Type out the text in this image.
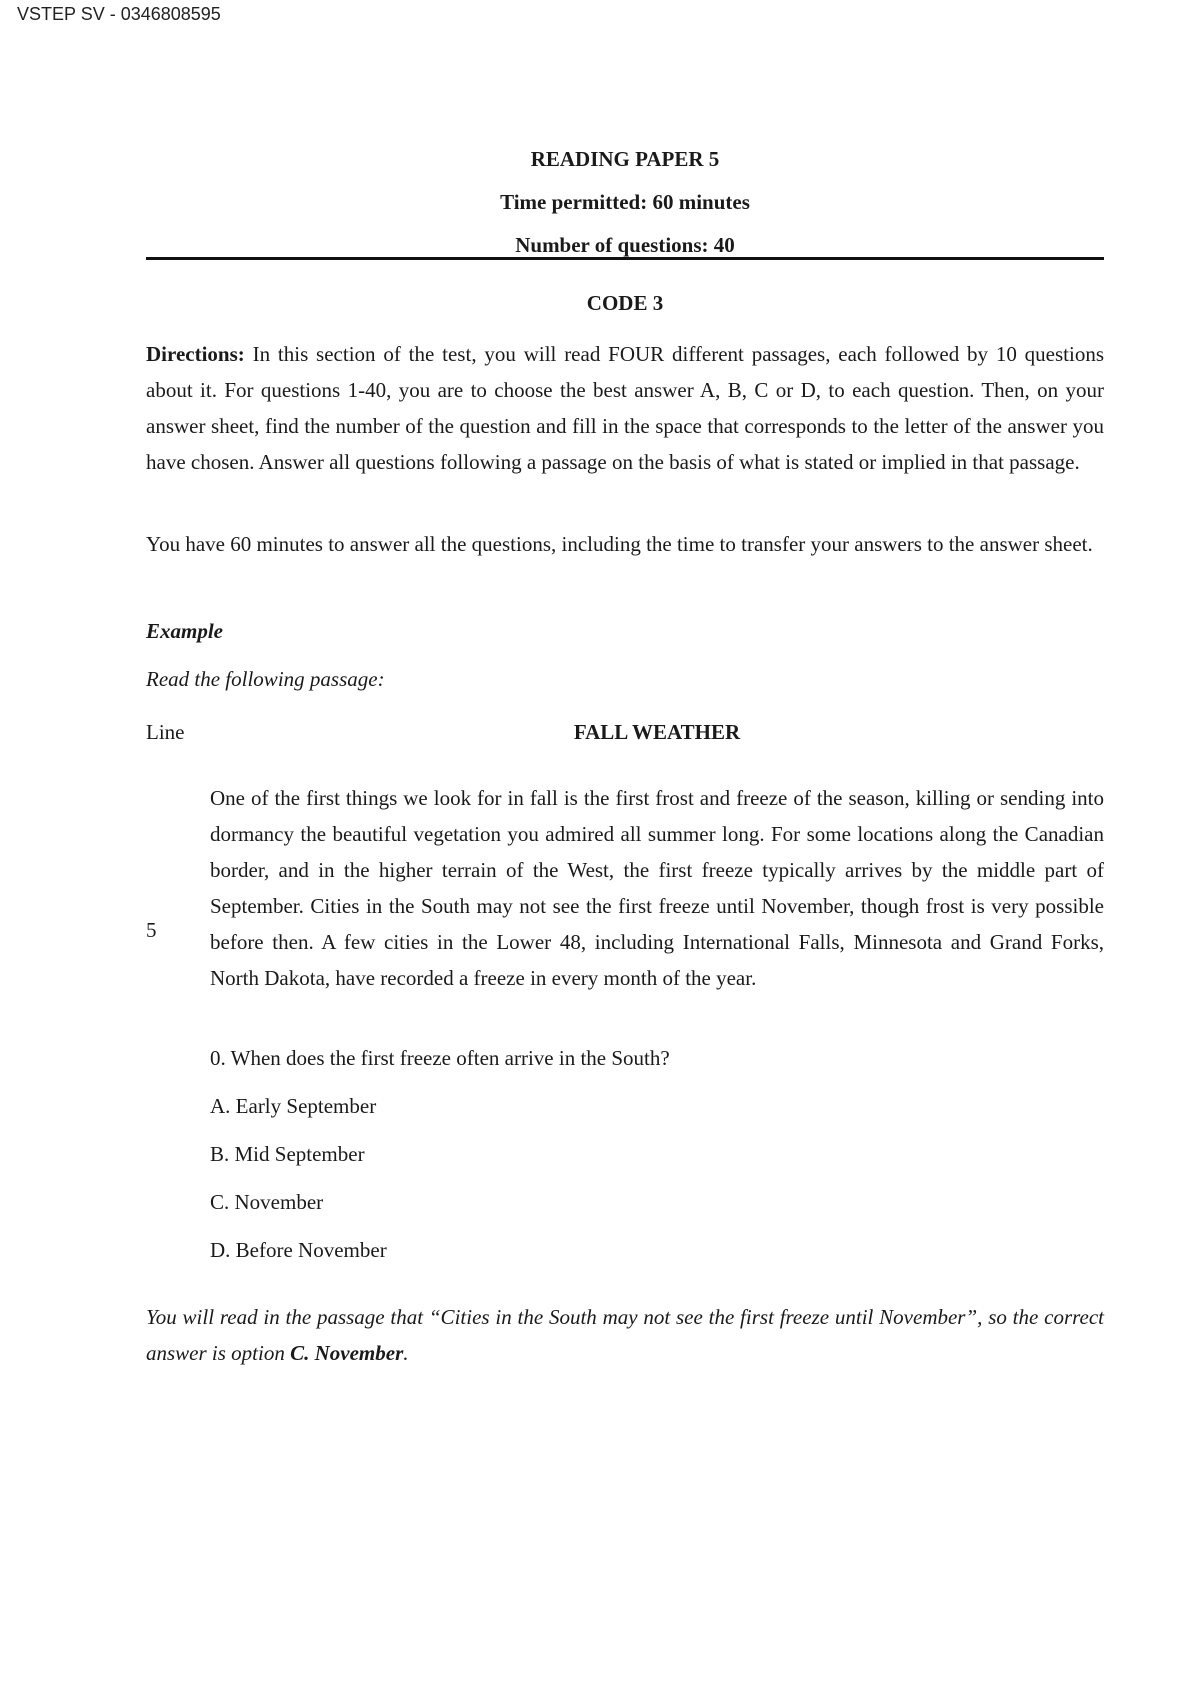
VSTEP SV - 0346808595
READING PAPER 5
Time permitted: 60 minutes
Number of questions: 40
CODE 3

Directions: In this section of the test, you will read FOUR different passages, each followed by 10 questions about it. For questions 1-40, you are to choose the best answer A, B, C or D, to each question. Then, on your answer sheet, find the number of the question and fill in the space that corresponds to the letter of the answer you have chosen. Answer all questions following a passage on the basis of what is stated or implied in that passage.

You have 60 minutes to answer all the questions, including the time to transfer your answers to the answer sheet.

Example
Read the following passage:
Line	FALL WEATHER
5

One of the first things we look for in fall is the first frost and freeze of the season, killing or sending into dormancy the beautiful vegetation you admired all summer long. For some locations along the Canadian border, and in the higher terrain of the West, the first freeze typically arrives by the middle part of September. Cities in the South may not see the first freeze until November, though frost is very possible before then. A few cities in the Lower 48, including International Falls, Minnesota and Grand Forks, North Dakota, have recorded a freeze in every month of the year.

0. When does the first freeze often arrive in the South?
A. Early September
B. Mid September
C. November
D. Before November

You will read in the passage that “Cities in the South may not see the first freeze until November”, so the correct answer is option C. November.
